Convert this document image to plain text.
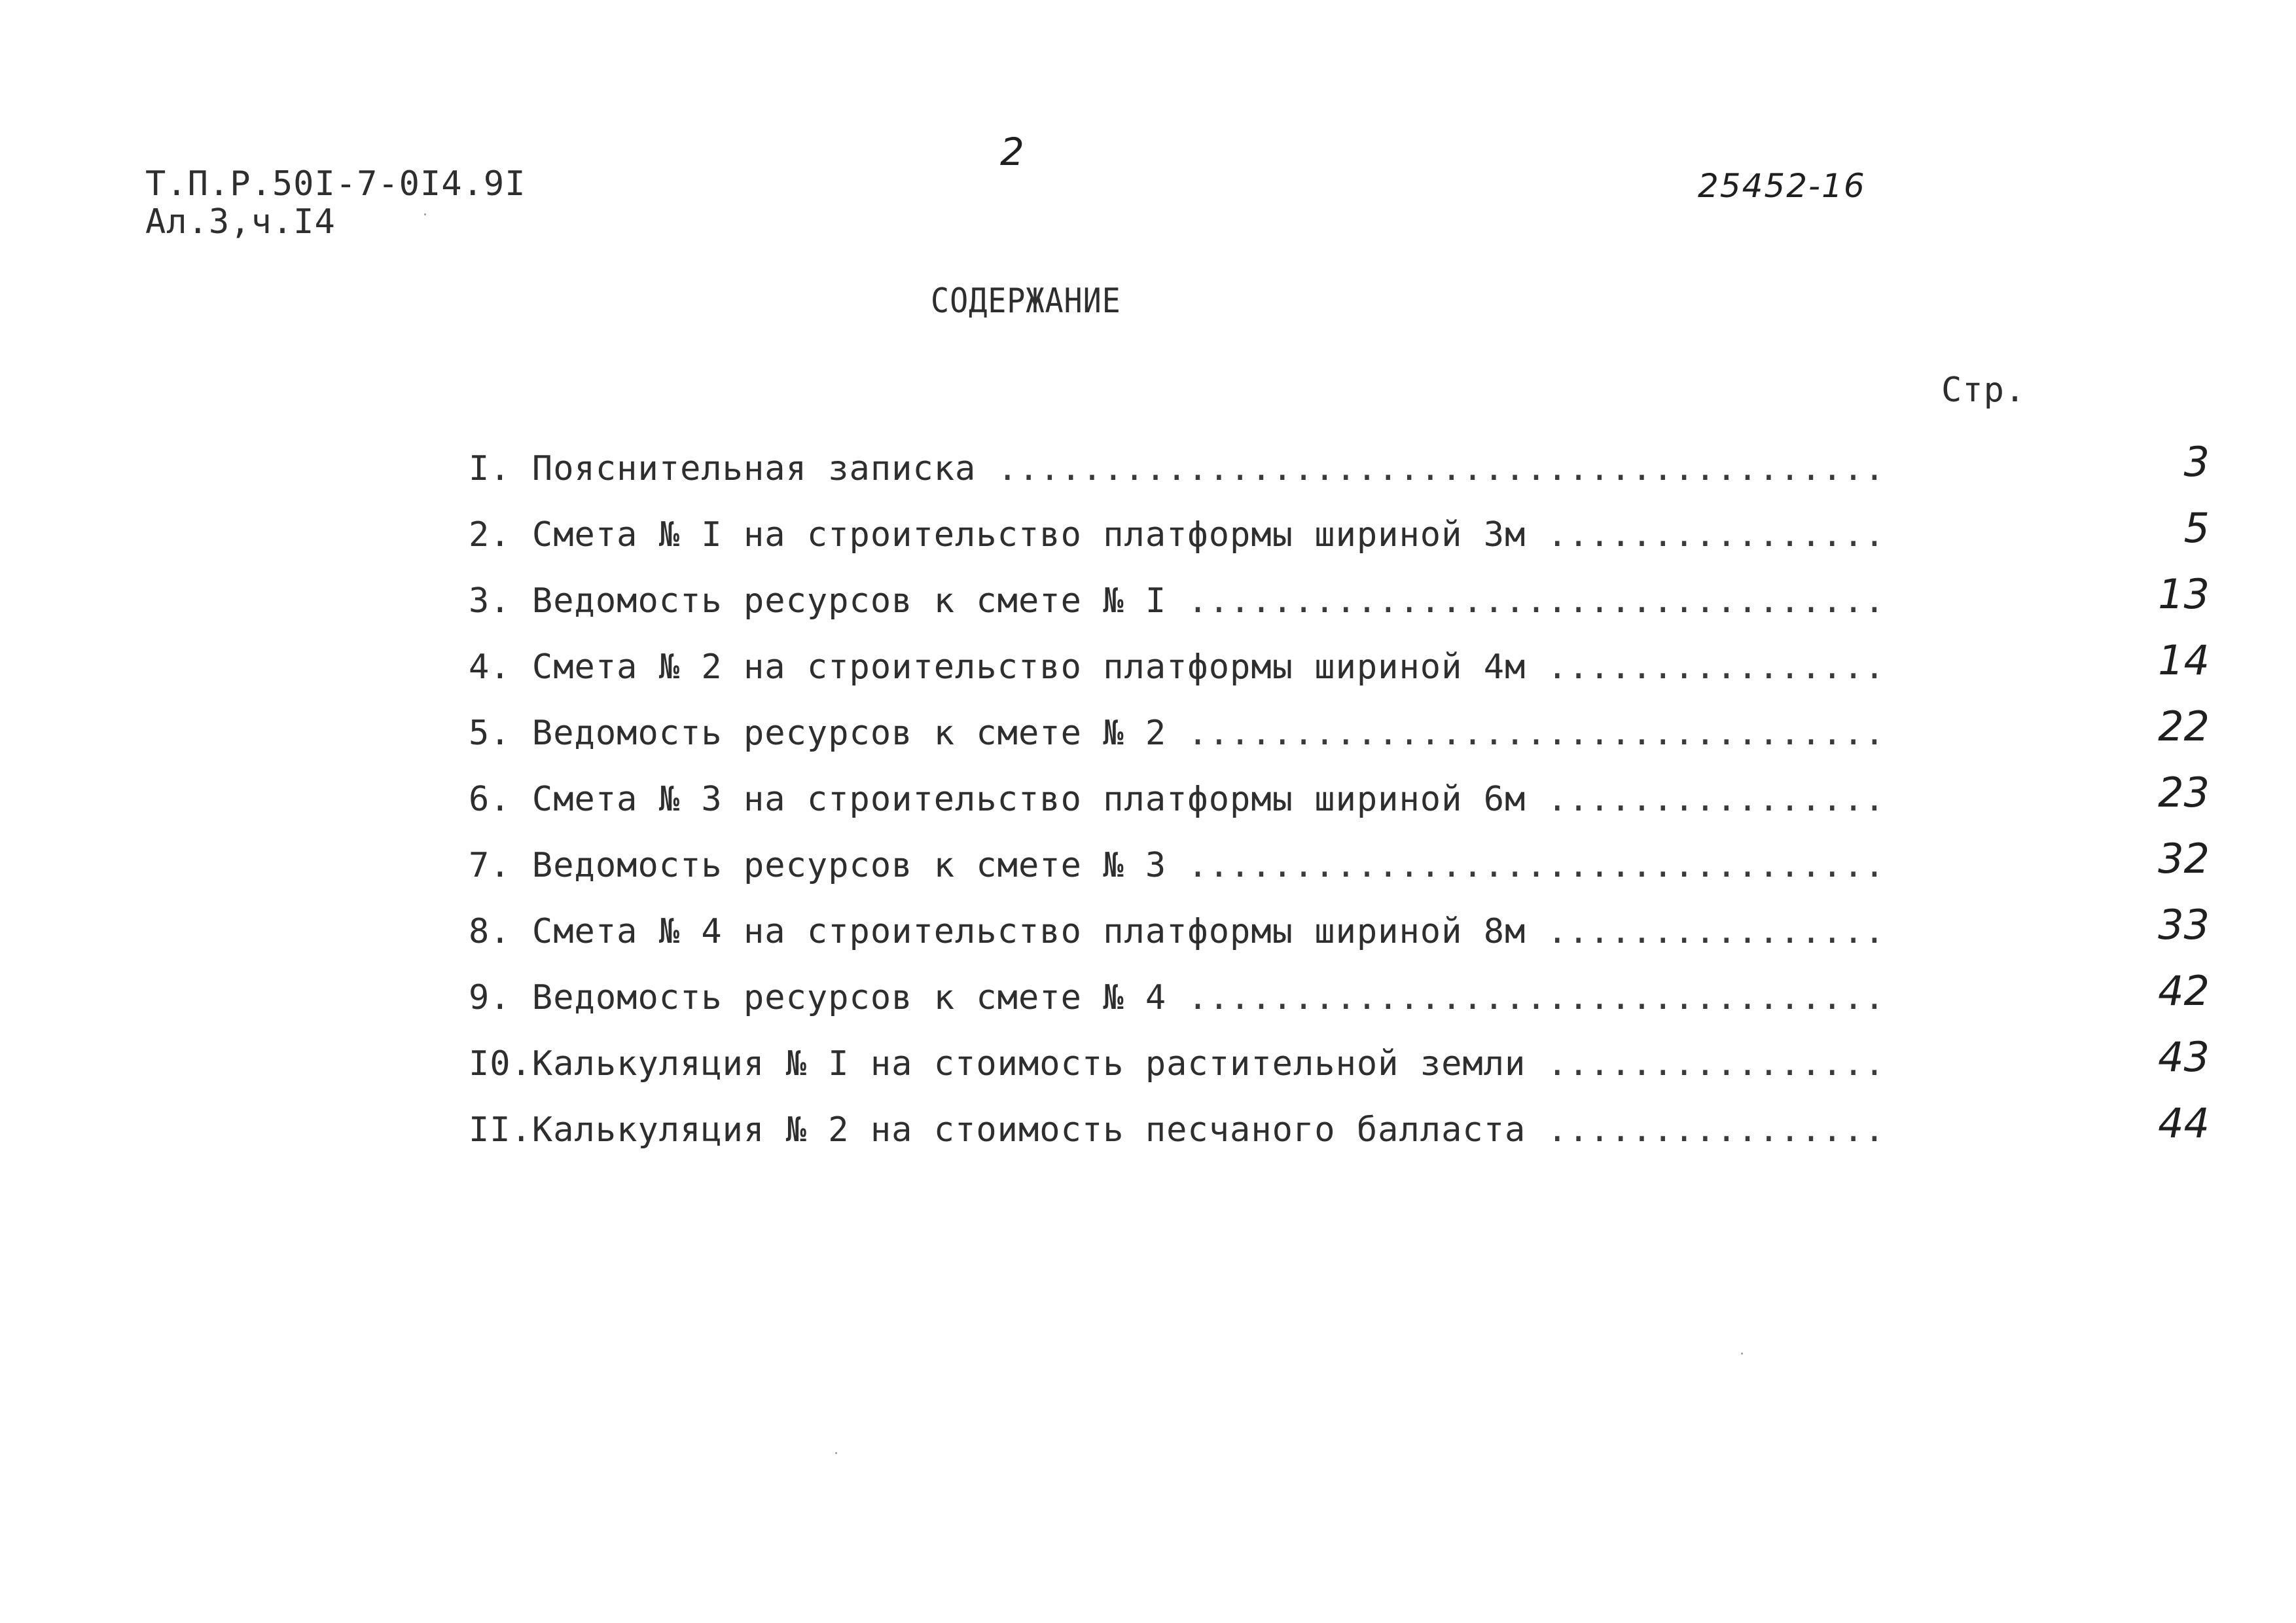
Т.П.Р.50I-7-0I4.9I
Ал.3,ч.I4
2
25452-16
СОДЕРЖАНИЕ
Стр.
I. Пояснительная записка .....	3
2. Смета № I на строительство платформы шириной 3м .....	5
3. Ведомость ресурсов к смете № I .....	13
4. Смета № 2 на строительство платформы шириной 4м .....	14
5. Ведомость ресурсов к смете № 2 .....	22
6. Смета № 3 на строительство платформы шириной 6м .....	23
7. Ведомость ресурсов к смете № 3 .....	32
8. Смета № 4 на строительство платформы шириной 8м .....	33
9. Ведомость ресурсов к смете № 4 .....	42
I0.Калькуляция № I на стоимость растительной земли .....	43
II.Калькуляция № 2 на стоимость песчаного балласта .....	44
